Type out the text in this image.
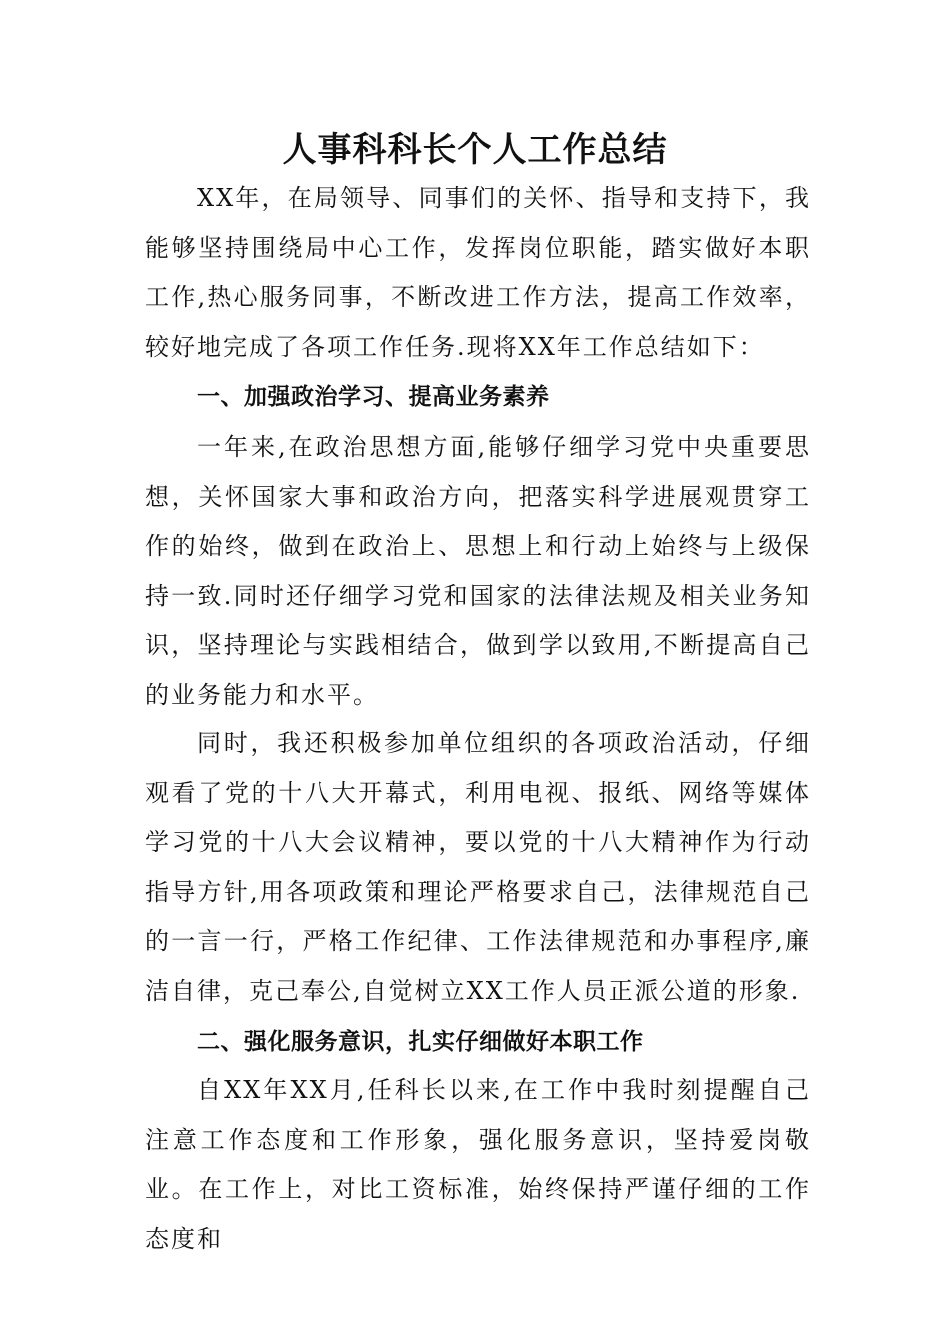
人事科科长个人工作总结

XX年，在局领导、同事们的关怀、指导和支持下，我能够坚持围绕局中心工作，发挥岗位职能，踏实做好本职工作,热心服务同事，不断改进工作方法，提高工作效率，较好地完成了各项工作任务.现将XX年工作总结如下：

一、加强政治学习、提高业务素养

一年来,在政治思想方面,能够仔细学习党中央重要思想，关怀国家大事和政治方向，把落实科学进展观贯穿工作的始终，做到在政治上、思想上和行动上始终与上级保持一致.同时还仔细学习党和国家的法律法规及相关业务知识，坚持理论与实践相结合，做到学以致用,不断提高自己的业务能力和水平。

同时，我还积极参加单位组织的各项政治活动，仔细观看了党的十八大开幕式，利用电视、报纸、网络等媒体学习党的十八大会议精神，要以党的十八大精神作为行动指导方针,用各项政策和理论严格要求自己，法律规范自己的一言一行，严格工作纪律、工作法律规范和办事程序,廉洁自律，克己奉公,自觉树立XX工作人员正派公道的形象.

二、强化服务意识，扎实仔细做好本职工作

自XX年XX月,任科长以来,在工作中我时刻提醒自己注意工作态度和工作形象，强化服务意识，坚持爱岗敬业。在工作上，对比工资标准，始终保持严谨仔细的工作态度和
